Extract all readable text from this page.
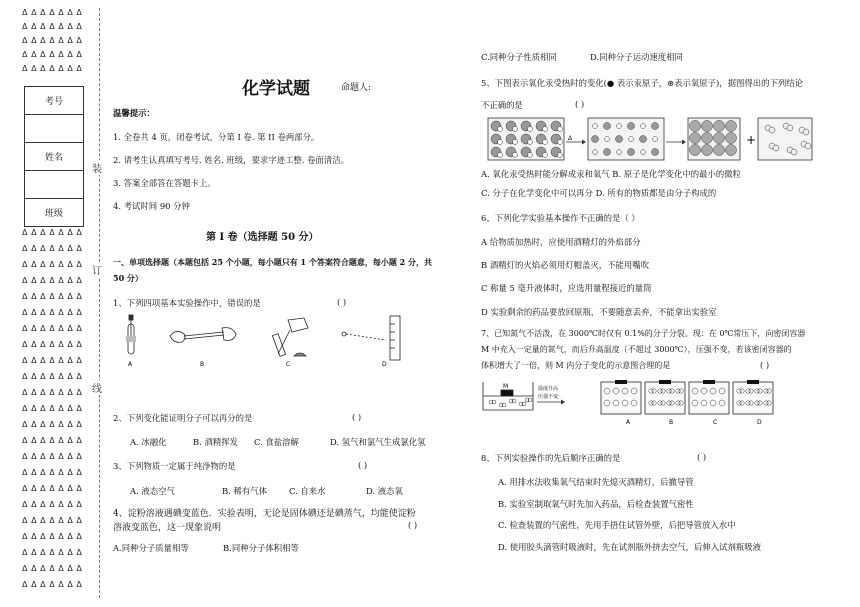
ΔΔΔΔΔΔΔ
ΔΔΔΔΔΔΔ
ΔΔΔΔΔΔΔ
ΔΔΔΔΔΔΔ
ΔΔΔΔΔΔΔ
ΔΔΔΔΔΔΔ
ΔΔΔΔΔΔΔ
ΔΔΔΔΔΔΔ
ΔΔΔΔΔΔΔ
ΔΔΔΔΔΔΔ
ΔΔΔΔΔΔΔ
ΔΔΔΔΔΔΔ
ΔΔΔΔΔΔΔ
ΔΔΔΔΔΔΔ
ΔΔΔΔΔΔΔ
ΔΔΔΔΔΔΔ
ΔΔΔΔΔΔΔ
ΔΔΔΔΔΔΔ
ΔΔΔΔΔΔΔ
ΔΔΔΔΔΔΔ
ΔΔΔΔΔΔΔ
ΔΔΔΔΔΔΔ
ΔΔΔΔΔΔΔ
ΔΔΔΔΔΔΔ
ΔΔΔΔΔΔΔ
ΔΔΔΔΔΔΔ
ΔΔΔΔΔΔΔ
ΔΔΔΔΔΔΔ
考号

姓名

班级
装
订
线
化学试题	命题人:
温馨提示：
1. 全卷共 4 页，闭卷考试，分第 I 卷. 第 II 卷两部分。
2. 请考生认真填写考号. 姓名. 班级，要求字迹工整. 卷面清洁。
3. 答案全部答在答题卡上。
4. 考试时间 90 分钟
第 I 卷（选择题 50 分）
一、单项选择题（本题包括 25 个小题，每小题只有 1 个答案符合题意，每小题 2 分，共
50 分）
1、下列四项基本实验操作中，错误的是	( )
A	B	C	D
2、下列变化能证明分子可以再分的是	( )
A. 冰融化	B. 酒精挥发 C. 食盐溶解	D. 氢气和氯气生成氯化氢
3、下列物质一定属于纯净物的是	( )
A. 液态空气	B. 稀有气体	C. 自来水	D. 液态氧
4、淀粉溶液遇碘变蓝色．实验表明，无论是固体碘还是碘蒸气，均能使淀粉
溶液变蓝色，这一现象说明	( )
A.同种分子质量相等	B.同种分子体积相等
C.同种分子性质相同	D.同种分子运动速度相同
5、下图表示氧化汞受热时的变化(● 表示汞原子，⊛表示氧原子)，据图得出的下列结论
不正确的是	( )
Δ	+
A. 氧化汞受热时能分解成汞和氧气 B. 原子是化学变化中的最小的微粒
C. 分子在化学变化中可以再分 D. 所有的物质都是由分子构成的
6、下列化学实验基本操作不正确的是（ ）
A 给物质加热时，应使用酒精灯的外焰部分
B 酒精灯的火焰必须用灯帽盖灭，不能用嘴吹
C 称量 5 毫升液体时，应选用量程接近的量筒
D 实验剩余的药品要放回原瓶，不要随意丢弃，不能拿出实验室
7、已知氮气不活泼，在 3000℃时仅有 0.1%的分子分裂。现：在 0℃常压下，向密闭容器
M 中充入一定量的氮气，而后升高温度（不超过 3000℃），压强不变，若该密闭容器的
体积增大了一倍，则 M 内分子变化的示意图合理的是	( )
M	温度升高
压强不变
A	B	C	D
8、下列实验操作的先后顺序正确的是	( )
A. 用排水法收集氧气结束时先熄灭酒精灯，后撤导管
B. 实验室制取氧气时先加入药品，后检查装置气密性
C. 检查装置的气密性，先用手捂住试管外壁，后把导管放入水中
D. 使用胶头滴管时吸液时，先在试剂瓶外挤去空气，后伸入试剂瓶吸液
